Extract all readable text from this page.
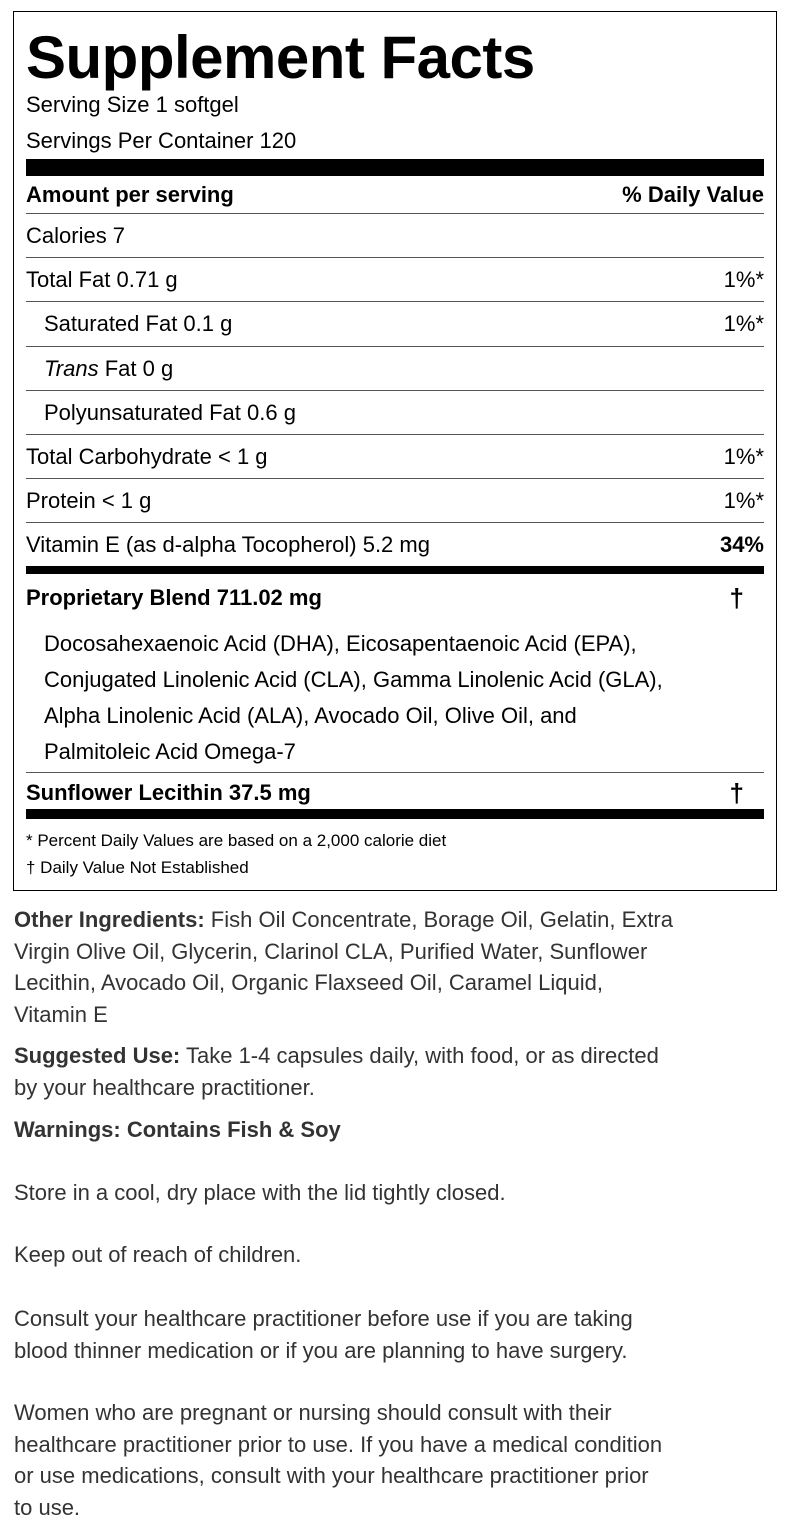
Supplement Facts
Serving Size 1 softgel
Servings Per Container 120
Amount per serving	% Daily Value
Calories 7
Total Fat 0.71 g	1%*
Saturated Fat 0.1 g	1%*
Trans Fat 0 g
Polyunsaturated Fat 0.6 g
Total Carbohydrate < 1 g	1%*
Protein < 1 g	1%*
Vitamin E (as d-alpha Tocopherol) 5.2 mg	34%
Proprietary Blend 711.02 mg	†
Docosahexaenoic Acid (DHA), Eicosapentaenoic Acid (EPA),
Conjugated Linolenic Acid (CLA), Gamma Linolenic Acid (GLA),
Alpha Linolenic Acid (ALA), Avocado Oil, Olive Oil, and
Palmitoleic Acid Omega-7
Sunflower Lecithin 37.5 mg	†
* Percent Daily Values are based on a 2,000 calorie diet
† Daily Value Not Established
Other Ingredients: Fish Oil Concentrate, Borage Oil, Gelatin, Extra
Virgin Olive Oil, Glycerin, Clarinol CLA, Purified Water, Sunflower
Lecithin, Avocado Oil, Organic Flaxseed Oil, Caramel Liquid,
Vitamin E
Suggested Use: Take 1-4 capsules daily, with food, or as directed
by your healthcare practitioner.
Warnings: Contains Fish & Soy
Store in a cool, dry place with the lid tightly closed.
Keep out of reach of children.
Consult your healthcare practitioner before use if you are taking
blood thinner medication or if you are planning to have surgery.
Women who are pregnant or nursing should consult with their
healthcare practitioner prior to use. If you have a medical condition
or use medications, consult with your healthcare practitioner prior
to use.
